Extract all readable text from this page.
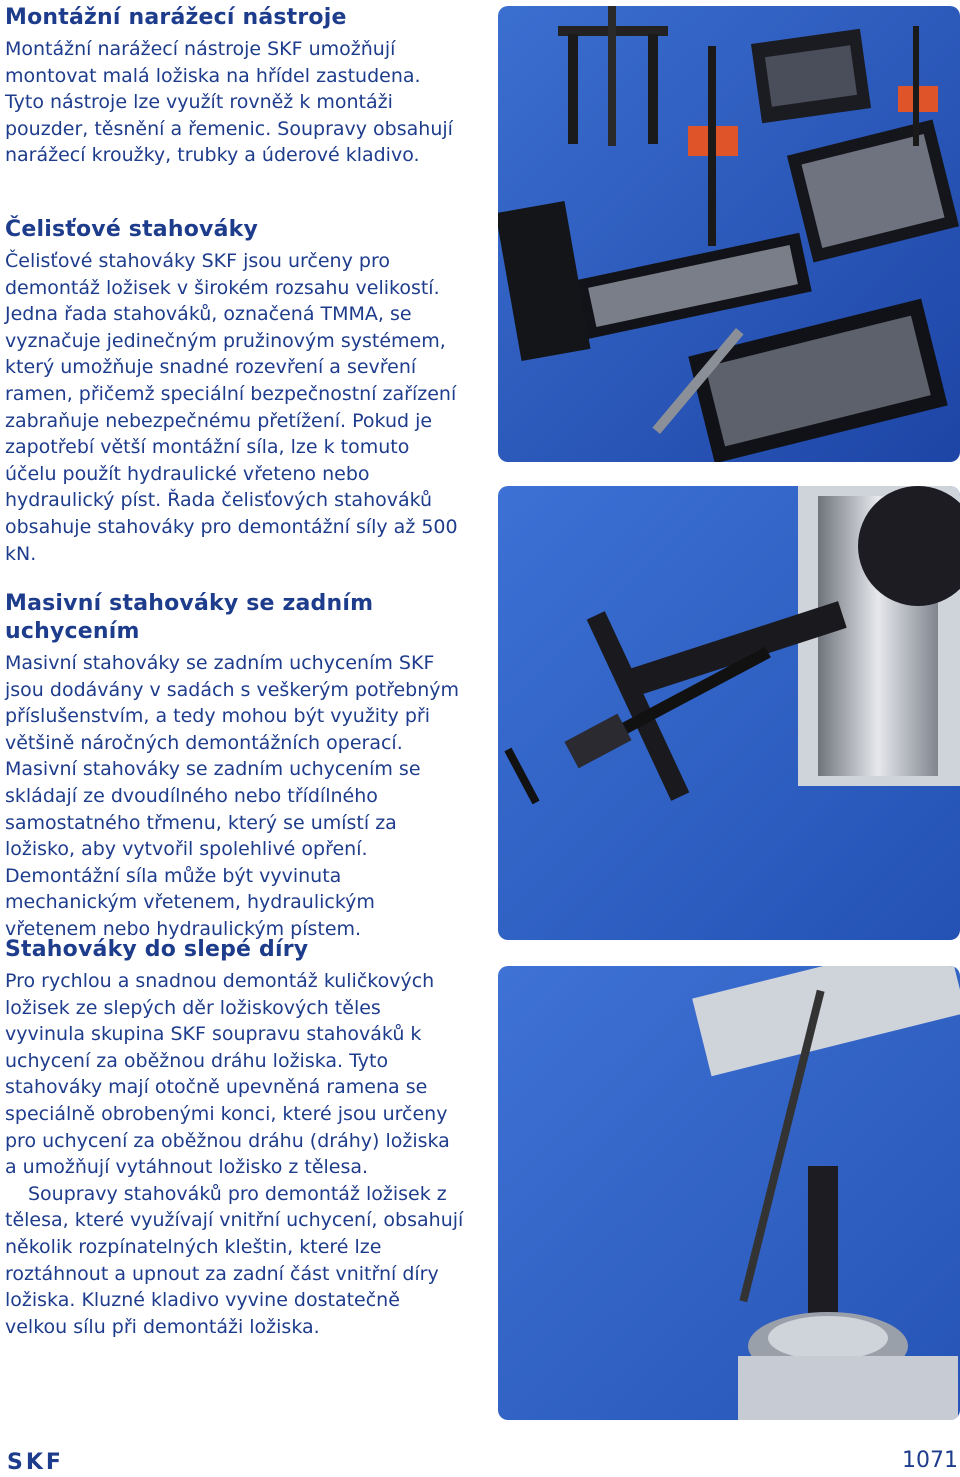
Montážní narážecí nástroje

Montážní narážecí nástroje SKF umožňují montovat malá ložiska na hřídel zastudena. Tyto nástroje lze využít rovněž k montáži pouzder, těsnění a řemenic. Soupravy obsahují narážecí kroužky, trubky a úderové kladivo.

Čelisťové stahováky

Čelisťové stahováky SKF jsou určeny pro demontáž ložisek v širokém rozsahu velikostí. Jedna řada stahováků, označená TMMA, se vyznačuje jedinečným pružinovým systémem, který umožňuje snadné rozevření a sevření ramen, přičemž speciální bezpečnostní zařízení zabraňuje nebezpečnému přetížení. Pokud je zapotřebí větší montážní síla, lze k tomuto účelu použít hydraulické vřeteno nebo hydraulický píst. Řada čelisťových stahováků obsahuje stahováky pro demontážní síly až 500 kN.

Masivní stahováky se zadním uchycením

Masivní stahováky se zadním uchycením SKF jsou dodávány v sadách s veškerým potřebným příslušenstvím, a tedy mohou být využity při většině náročných demontážních operací. Masivní stahováky se zadním uchycením se skládají ze dvoudílného nebo třídílného samostatného třmenu, který se umístí za ložisko, aby vytvořil spolehlivé opření. Demontážní síla může být vyvinuta mechanickým vřetenem, hydraulickým vřetenem nebo hydraulickým pístem.

Stahováky do slepé díry

Pro rychlou a snadnou demontáž kuličkových ložisek ze slepých děr ložiskových těles vyvinula skupina SKF soupravu stahováků k uchycení za oběžnou dráhu ložiska. Tyto stahováky mají otočně upevněná ramena se speciálně obrobenými konci, které jsou určeny pro uchycení za oběžnou dráhu (dráhy) ložiska a umožňují vytáhnout ložisko z tělesa.

Soupravy stahováků pro demontáž ložisek z tělesa, které využívají vnitřní uchycení, obsahují několik rozpínatelných kleštin, které lze roztáhnout a upnout za zadní část vnitřní díry ložiska. Kluzné kladivo vyvine dostatečně velkou sílu při demontáži ložiska.

SKF	1071
